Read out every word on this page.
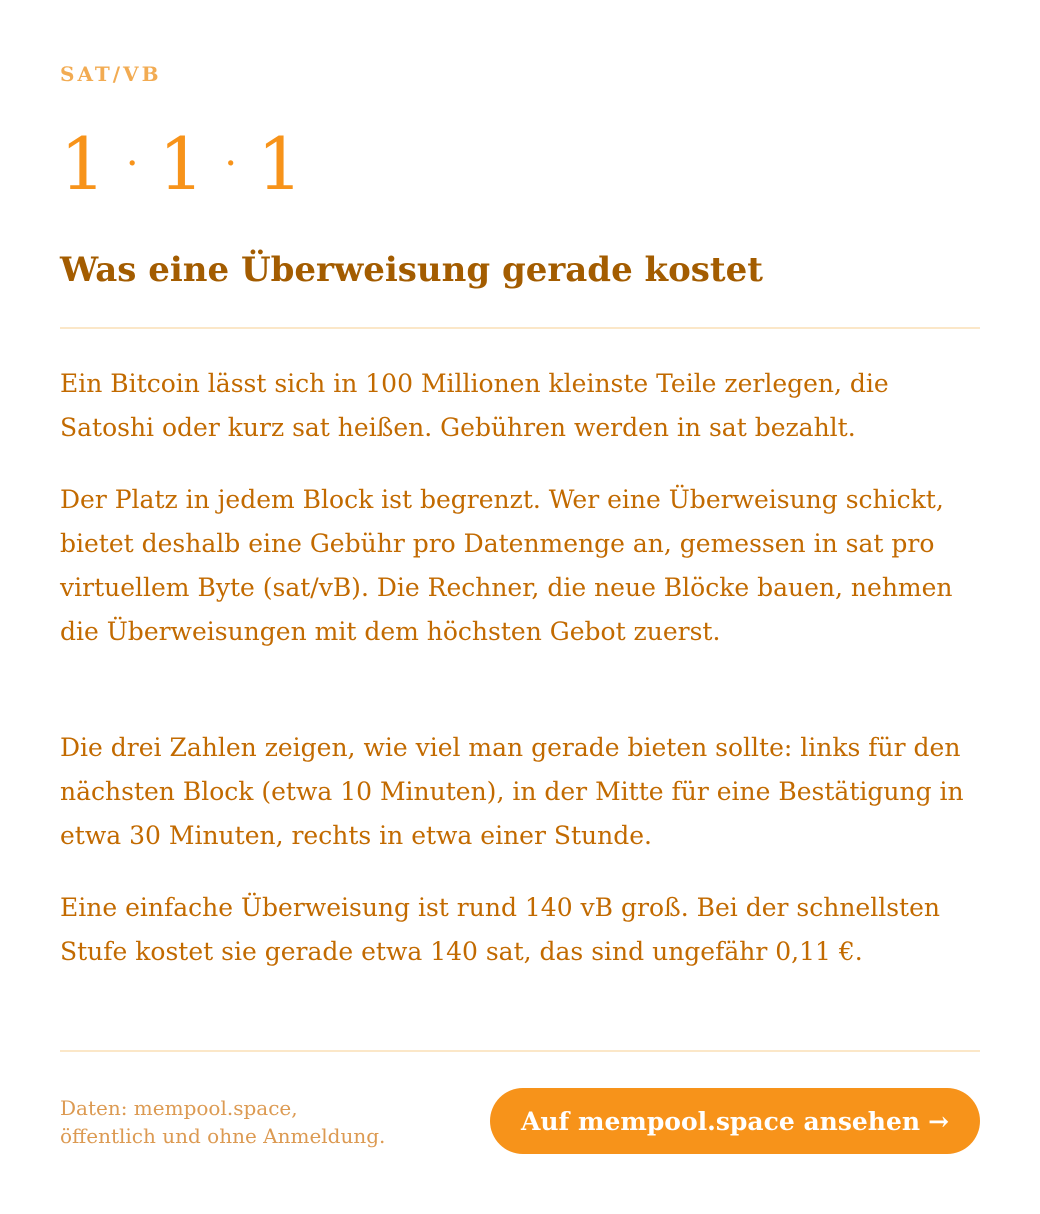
SAT/VB
1 · 1 · 1
Was eine Überweisung gerade kostet

Ein Bitcoin lässt sich in 100 Millionen kleinste Teile zerlegen, die Satoshi oder kurz sat heißen. Gebühren werden in sat bezahlt.

Der Platz in jedem Block ist begrenzt. Wer eine Überweisung schickt, bietet deshalb eine Gebühr pro Datenmenge an, gemessen in sat pro virtuellem Byte (sat/vB). Die Rechner, die neue Blöcke bauen, nehmen die Überweisungen mit dem höchsten Gebot zuerst.

Die drei Zahlen zeigen, wie viel man gerade bieten sollte: links für den nächsten Block (etwa 10 Minuten), in der Mitte für eine Bestätigung in etwa 30 Minuten, rechts in etwa einer Stunde.

Eine einfache Überweisung ist rund 140 vB groß. Bei der schnellsten Stufe kostet sie gerade etwa 140 sat, das sind ungefähr 0,11 €.

Daten: mempool.space,
öffentlich und ohne Anmeldung.
Auf mempool.space ansehen →
